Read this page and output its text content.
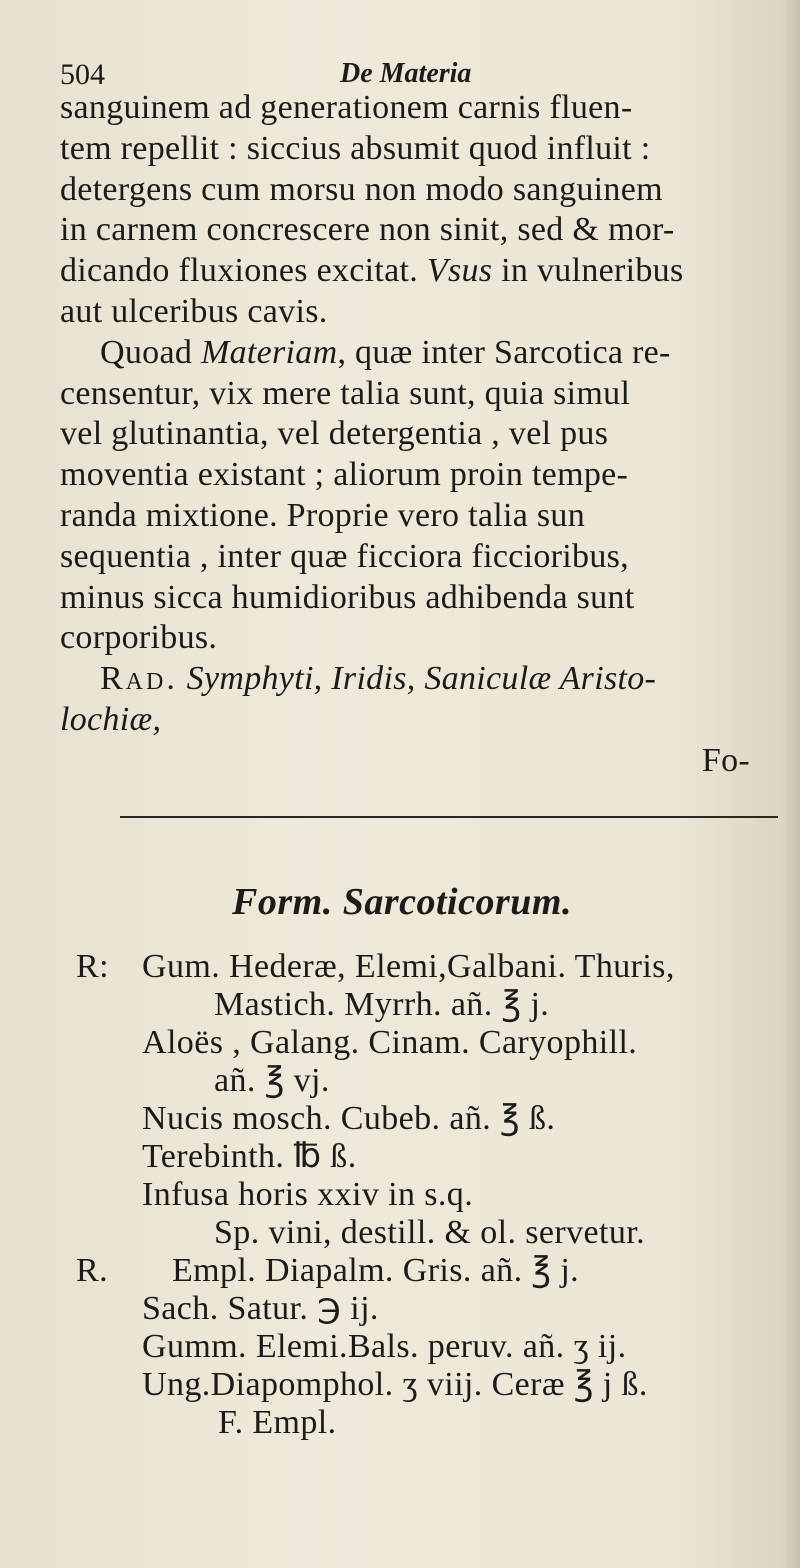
504	De Materia
sanguinem ad generationem carnis fluen-
tem repellit : siccius absumit quod influit :
detergens cum morsu non modo sanguinem
in carnem concrescere non sinit, sed & mor-
dicando fluxiones excitat. Vsus in vulneribus
aut ulceribus cavis.
Quoad Materiam, quæ inter Sarcotica re-
censentur, vix mere talia sunt, quia simul
vel glutinantia, vel detergentia , vel pus
moventia existant ; aliorum proin tempe-
randa mixtione. Proprie vero talia sun
sequentia , inter quæ ficciora ficcioribus,
minus sicca humidioribus adhibenda sunt
corporibus.
Rad. Symphyti, Iridis, Saniculæ Aristo-
lochiæ,
Fo-
Form. Sarcoticorum.
R: Gum. Hederæ, Elemi,Galbani. Thuris,
Mastich. Myrrh. añ. ℥ j.
Aloës , Galang. Cinam. Caryophill.
añ. ℥ vj.
Nucis mosch. Cubeb. añ. ℥ ß.
Terebinth. ℔ ß.
Infusa horis xxiv in s.q.
Sp. vini, destill. & ol. servetur.
R. Empl. Diapalm. Gris. añ. ℥ j.
Sach. Satur. ℈ ij.
Gumm. Elemi.Bals. peruv. añ. ʒ ij.
Ung.Diapomphol. ʒ viij. Ceræ ℥ j ß.
F. Empl.
